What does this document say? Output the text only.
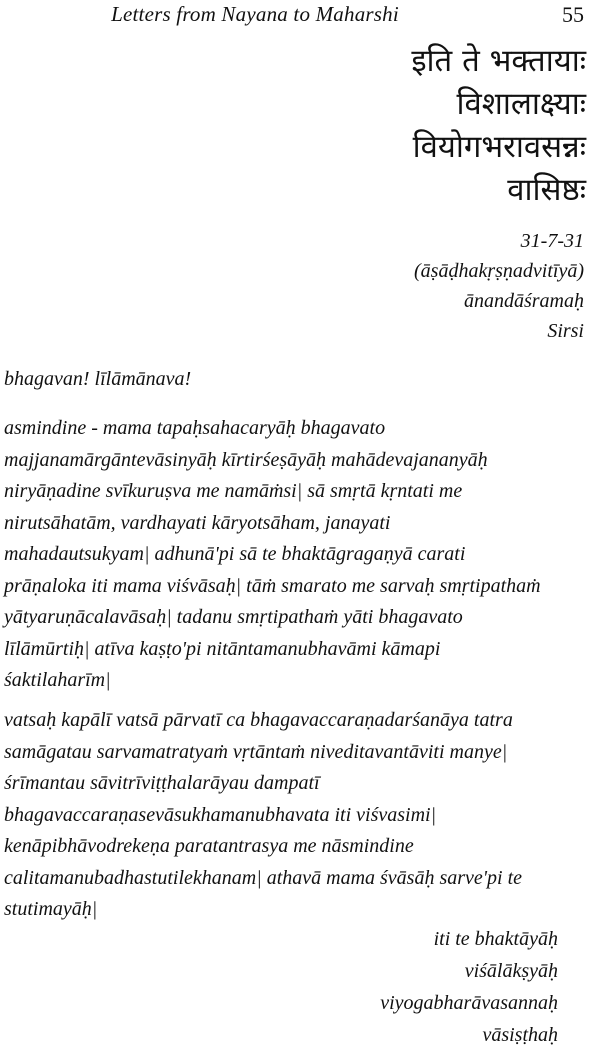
Letters from Nayana to Maharshi	55
इति ते भक्तायाः
विशालाक्ष्याः
वियोगभरावसन्नः
वासिष्ठः
31-7-31
(āṣāḍhakṛṣṇadvitīyā)
ānandāśramaḥ
Sirsi
bhagavan! līlāmānava!
asmindine - mama tapaḥsahacaryāḥ bhagavato
majjanamārgāntevāsinyāḥ kīrtirśeṣāyāḥ mahādevajananyāḥ
niryāṇadine svīkuruṣva me namāṁsi| sā smṛtā kṛntati me
nirutsāhatām, vardhayati kāryotsāham, janayati
mahadautsukyam| adhunā'pi sā te bhaktāgragaṇyā carati
prāṇaloka iti mama viśvāsaḥ| tāṁ smarato me sarvaḥ smṛtipathaṁ
yātyaruṇācalavāsaḥ| tadanu smṛtipathaṁ yāti bhagavato
līlāmūrtiḥ| atīva kaṣṭo'pi nitāntamanubhavāmi kāmapi
śaktilaharīm|
vatsaḥ kapālī vatsā pārvatī ca bhagavaccaraṇadarśanāya tatra
samāgatau sarvamatratyaṁ vṛtāntaṁ niveditavantāviti manye|
śrīmantau sāvitrīviṭṭhalarāyau dampatī
bhagavaccaraṇasevāsukhamanubhavata iti viśvasimi|
kenāpibhāvodrekeṇa paratantrasya me nāsmindine
calitamanubadhastutilekhanam| athavā mama śvāsāḥ sarve'pi te
stutimayāḥ|
iti te bhaktāyāḥ
viśālākṣyāḥ
viyogabharāvasannaḥ
vāsiṣṭhaḥ
